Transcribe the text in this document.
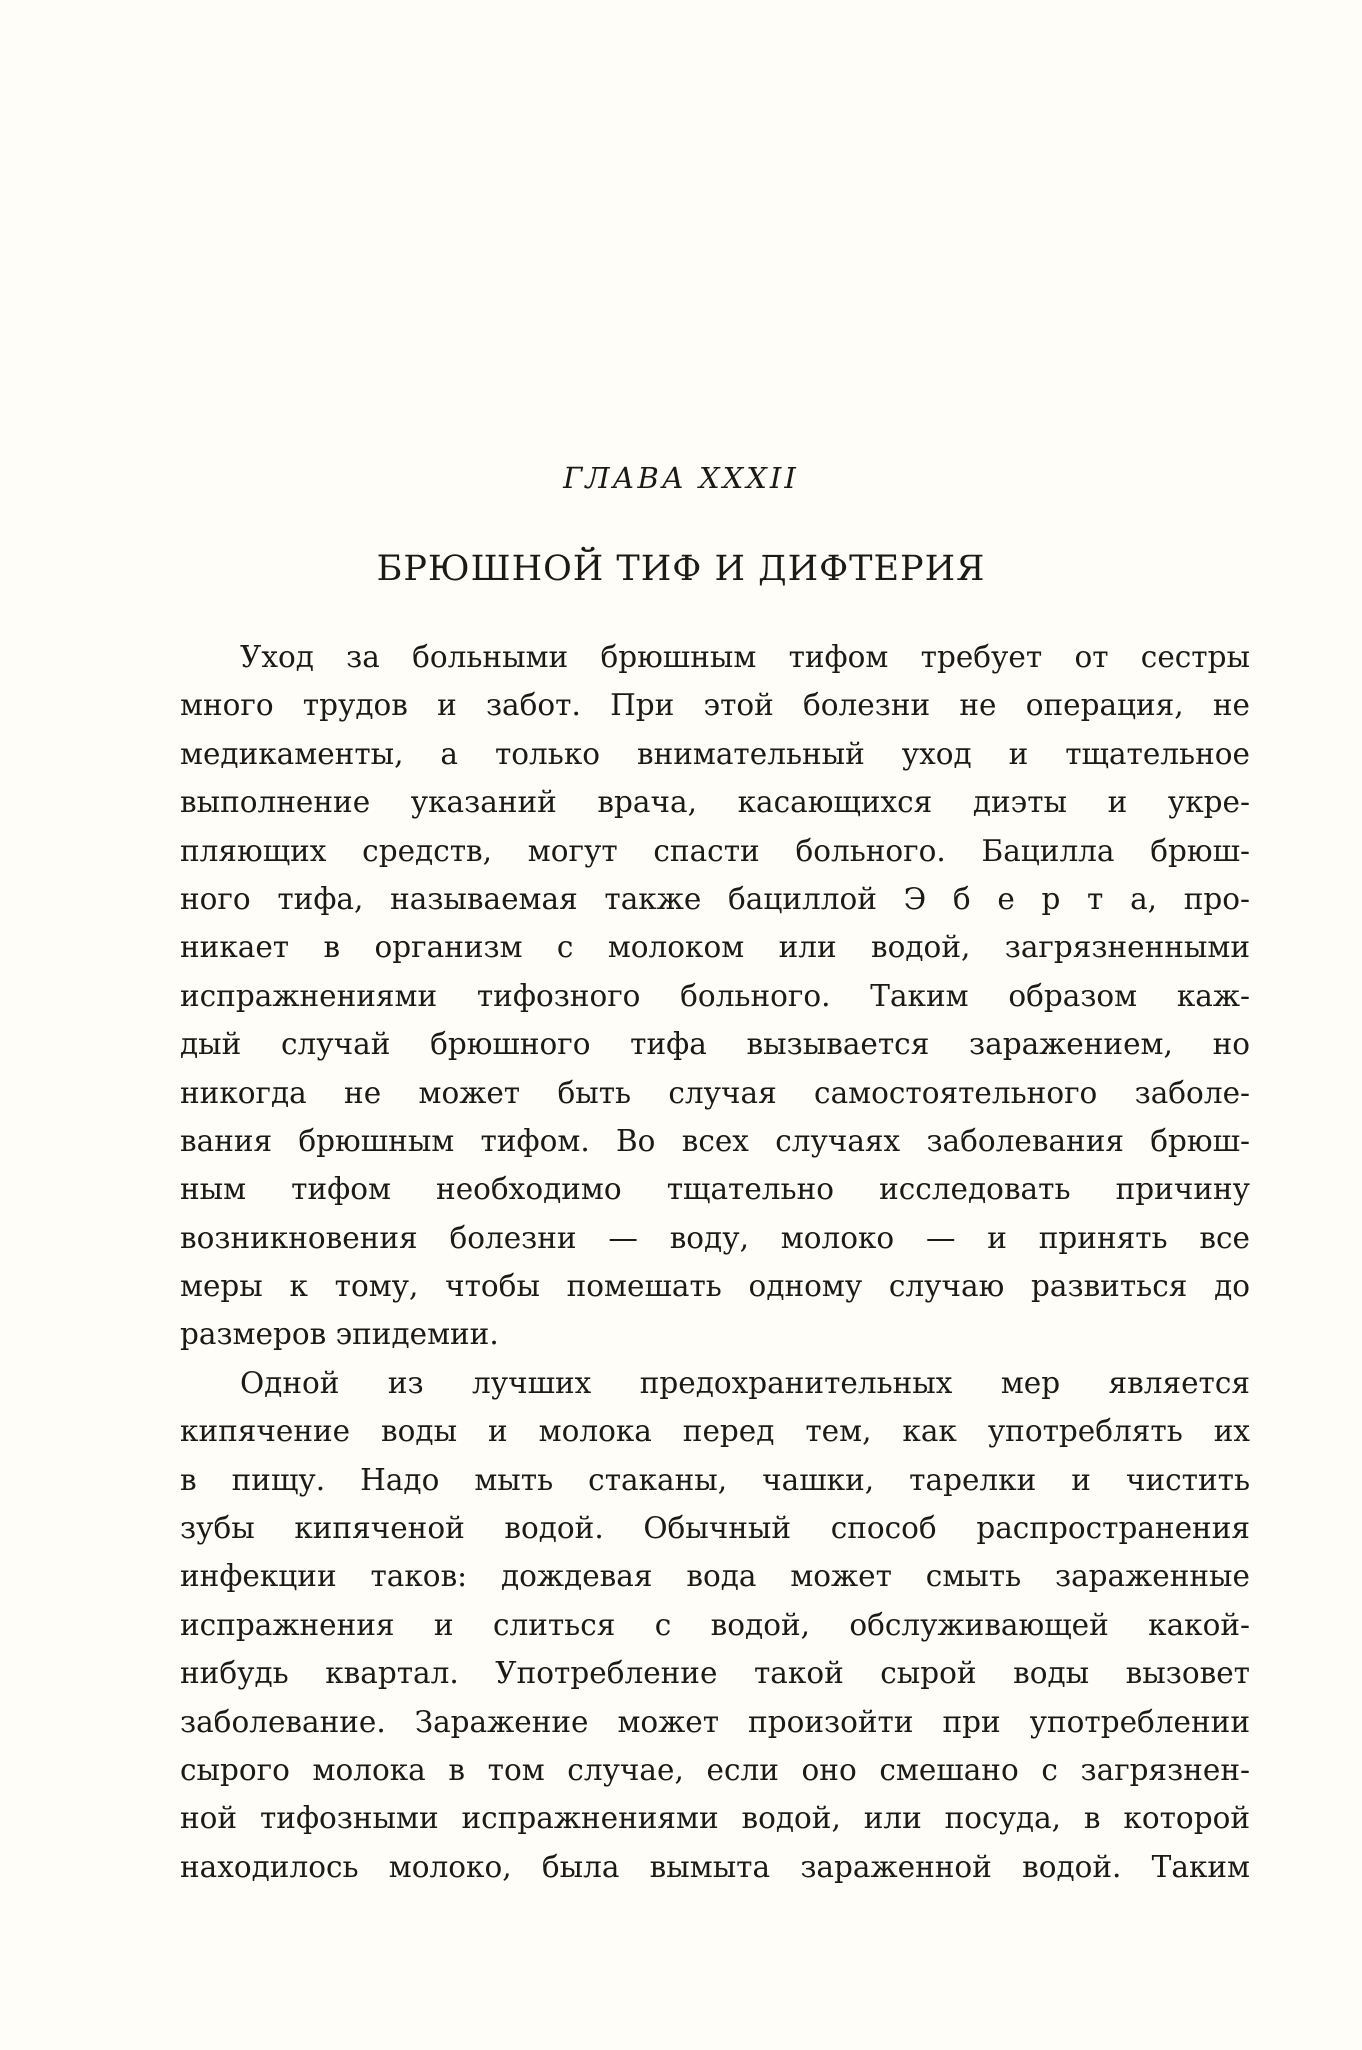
ГЛАВА XXXII
БРЮШНОЙ ТИФ И ДИФТЕРИЯ
Уход за больными брюшным тифом требует от сестры
много трудов и забот. При этой болезни не операция, не
медикаменты, а только внимательный уход и тщательное
выполнение указаний врача, касающихся диэты и укре-
пляющих средств, могут спасти больного. Бацилла брюш-
ного тифа, называемая также бациллой Э б е р т а, про-
никает в организм с молоком или водой, загрязненными
испражнениями тифозного больного. Таким образом каж-
дый случай брюшного тифа вызывается заражением, но
никогда не может быть случая самостоятельного заболе-
вания брюшным тифом. Во всех случаях заболевания брюш-
ным тифом необходимо тщательно исследовать причину
возникновения болезни — воду, молоко — и принять все
меры к тому, чтобы помешать одному случаю развиться до
размеров эпидемии.
Одной из лучших предохранительных мер является
кипячение воды и молока перед тем, как употреблять их
в пищу. Надо мыть стаканы, чашки, тарелки и чистить
зубы кипяченой водой. Обычный способ распространения
инфекции таков: дождевая вода может смыть зараженные
испражнения и слиться с водой, обслуживающей какой-
нибудь квартал. Употребление такой сырой воды вызовет
заболевание. Заражение может произойти при употреблении
сырого молока в том случае, если оно смешано с загрязнен-
ной тифозными испражнениями водой, или посуда, в которой
находилось молоко, была вымыта зараженной водой. Таким
